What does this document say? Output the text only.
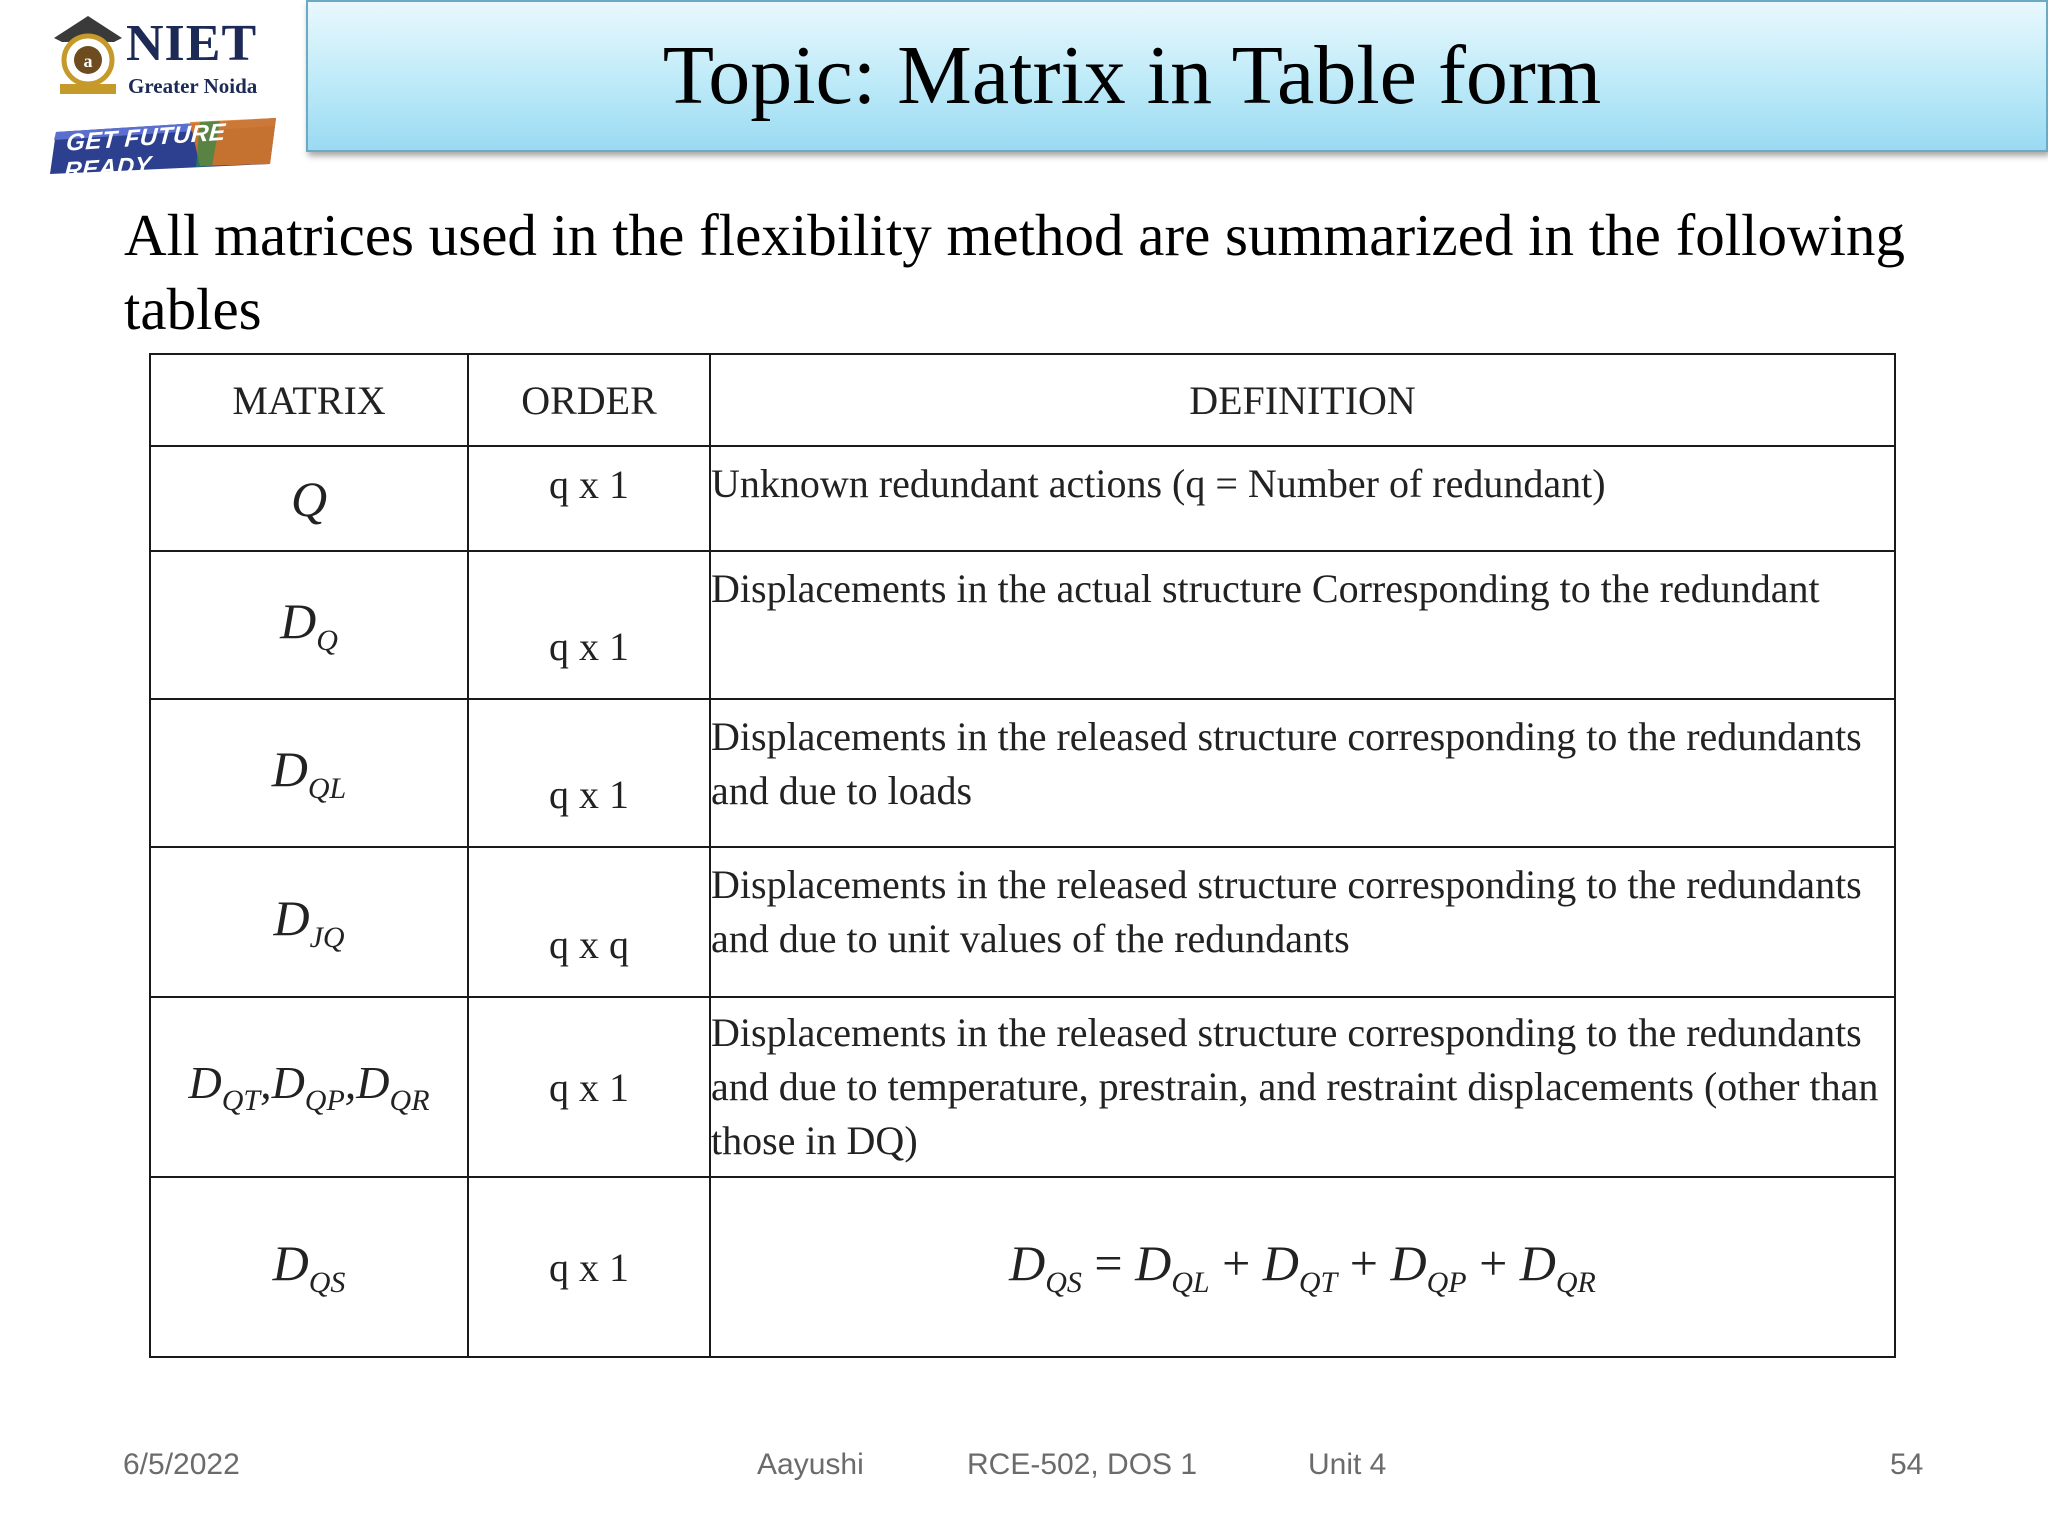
a NIET
Greater Noida
GET FUTURE READY
Topic: Matrix in Table form
All matrices used in the flexibility method are summarized in the following tables
MATRIX	ORDER	DEFINITION
Q	q x 1	Unknown redundant actions (q = Number of redundant)
$D_Q$	q x 1	Displacements in the actual structure Corresponding to the redundant
$D_{QL}$	q x 1	Displacements in the released structure corresponding to the redundants and due to loads
$D_{JQ}$	q x q	Displacements in the released structure corresponding to the redundants and due to unit values of the redundants
$D_{QT},D_{QP},D_{QR}$	q x 1	Displacements in the released structure corresponding to the redundants and due to temperature, prestrain, and restraint displacements (other than those in DQ)
$D_{QS}$	q x 1	$D_{QS} = D_{QL} + D_{QT} + D_{QP} + D_{QR}$
6/5/2022	Aayushi	RCE-502, DOS 1	Unit 4	54
